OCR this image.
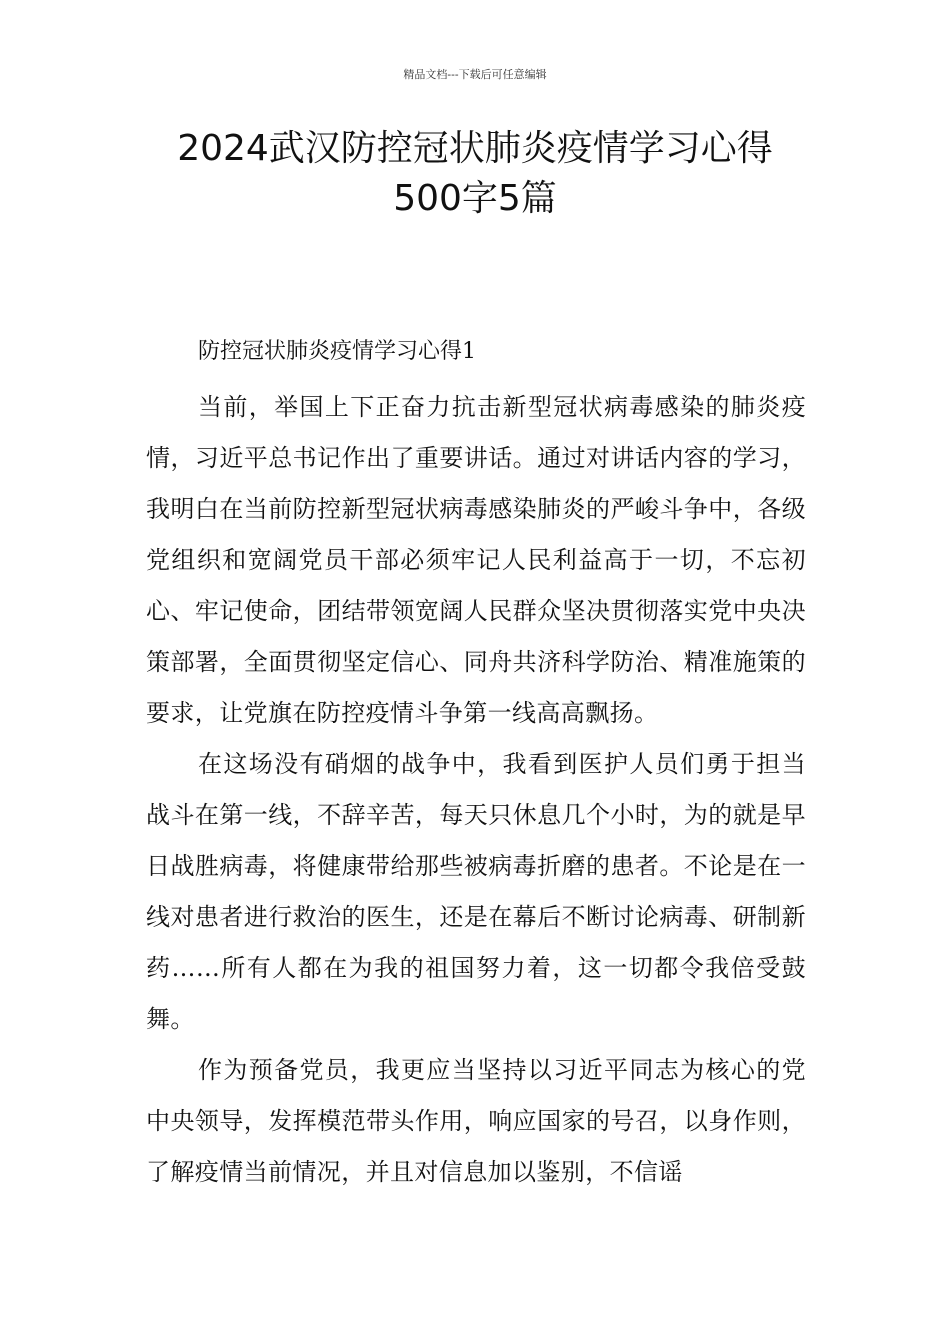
精品文档---下载后可任意编辑
2024武汉防控冠状肺炎疫情学习心得
500字5篇
防控冠状肺炎疫情学习心得1

当前，举国上下正奋力抗击新型冠状病毒感染的肺炎疫情，习近平总书记作出了重要讲话。通过对讲话内容的学习，我明白在当前防控新型冠状病毒感染肺炎的严峻斗争中，各级党组织和宽阔党员干部必须牢记人民利益高于一切，不忘初心、牢记使命，团结带领宽阔人民群众坚决贯彻落实党中央决策部署，全面贯彻坚定信心、同舟共济科学防治、精准施策的要求，让党旗在防控疫情斗争第一线高高飘扬。

在这场没有硝烟的战争中，我看到医护人员们勇于担当战斗在第一线，不辞辛苦，每天只休息几个小时，为的就是早日战胜病毒，将健康带给那些被病毒折磨的患者。不论是在一线对患者进行救治的医生，还是在幕后不断讨论病毒、研制新药……所有人都在为我的祖国努力着，这一切都令我倍受鼓舞。

作为预备党员，我更应当坚持以习近平同志为核心的党中央领导，发挥模范带头作用，响应国家的号召，以身作则，了解疫情当前情况，并且对信息加以鉴别，不信谣
